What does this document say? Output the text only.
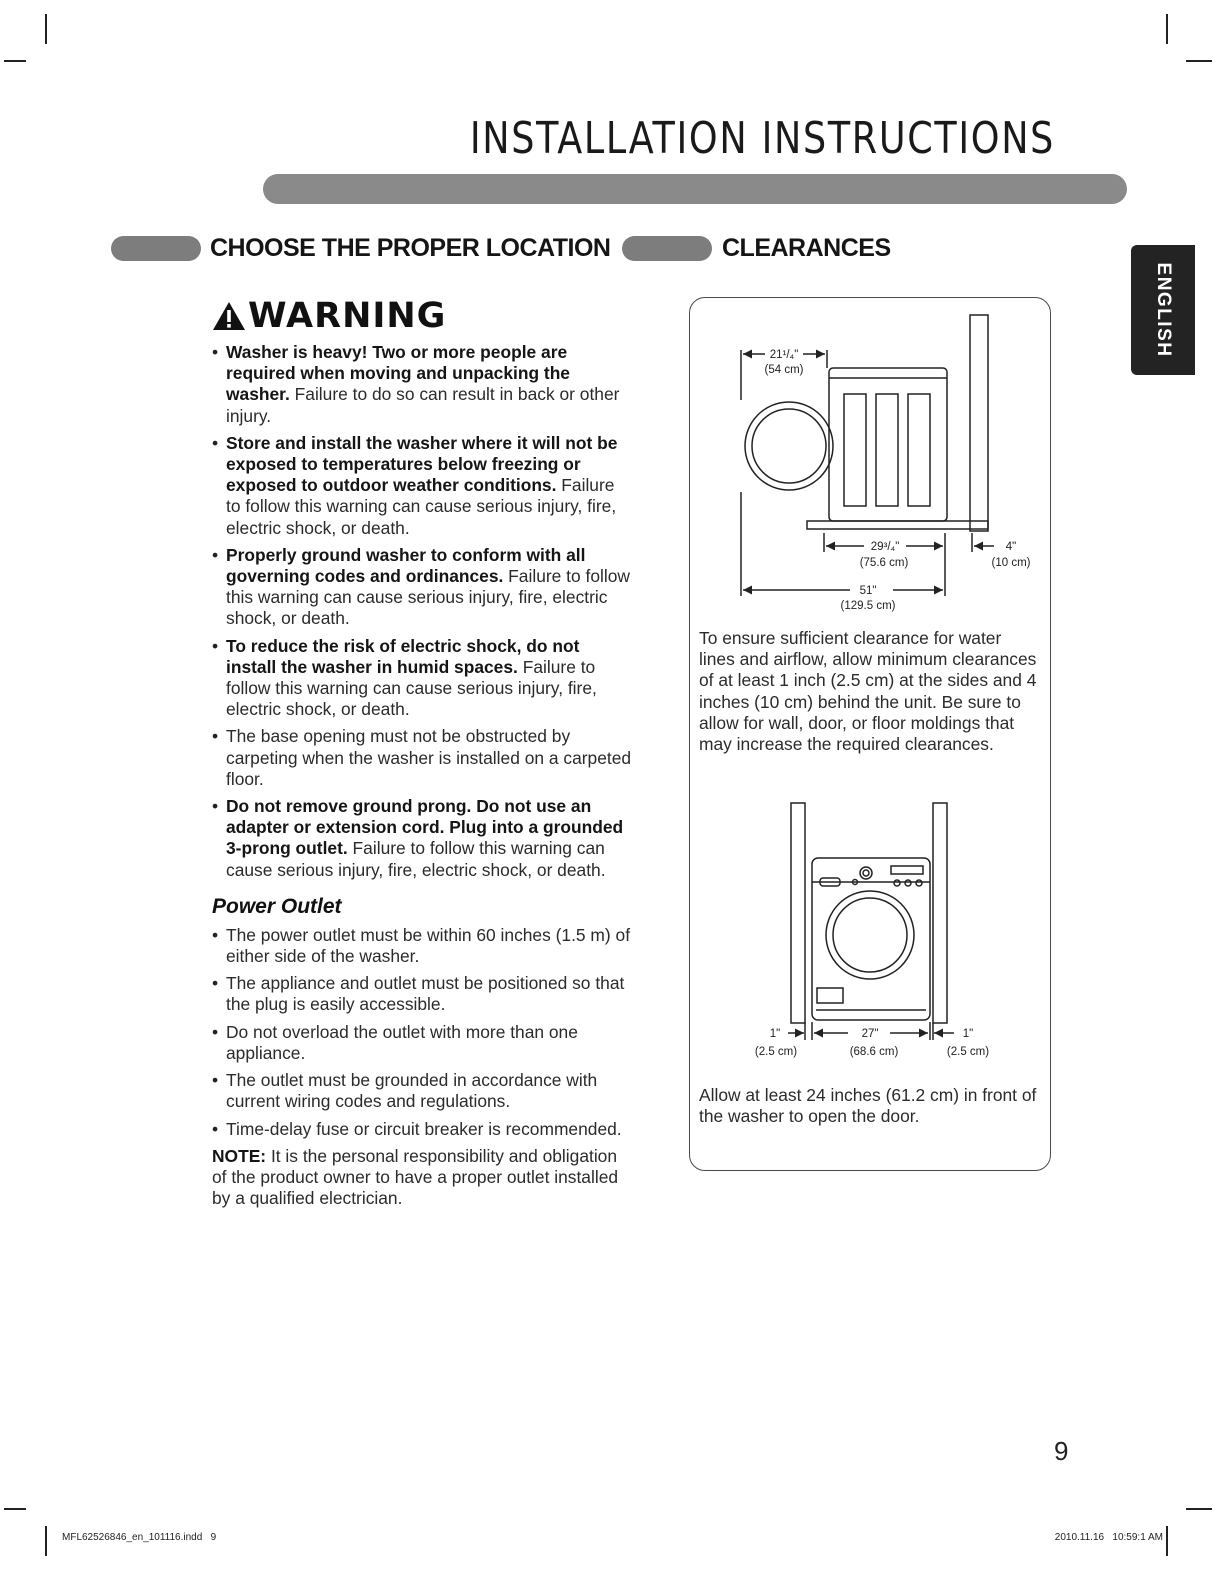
INSTALLATION INSTRUCTIONS
ENGLISH
CHOOSE THE PROPER LOCATION	CLEARANCES
WARNING
• Washer is heavy! Two or more people are required when moving and unpacking the washer. Failure to do so can result in back or other injury.
• Store and install the washer where it will not be exposed to temperatures below freezing or exposed to outdoor weather conditions. Failure to follow this warning can cause serious injury, fire, electric shock, or death.
• Properly ground washer to conform with all governing codes and ordinances. Failure to follow this warning can cause serious injury, fire, electric shock, or death.
• To reduce the risk of electric shock, do not install the washer in humid spaces. Failure to follow this warning can cause serious injury, fire, electric shock, or death.
• The base opening must not be obstructed by carpeting when the washer is installed on a carpeted floor.
• Do not remove ground prong. Do not use an adapter or extension cord. Plug into a grounded 3-prong outlet. Failure to follow this warning can cause serious injury, fire, electric shock, or death.
Power Outlet
• The power outlet must be within 60 inches (1.5 m) of either side of the washer.
• The appliance and outlet must be positioned so that the plug is easily accessible.
• Do not overload the outlet with more than one appliance.
• The outlet must be grounded in accordance with current wiring codes and regulations.
• Time-delay fuse or circuit breaker is recommended.

NOTE: It is the personal responsibility and obligation of the product owner to have a proper outlet installed by a qualified electrician.

21¹/₄"
(54 cm)
29³/₄"
(75.6 cm)
4"
(10 cm)
51"
(129.5 cm)

To ensure sufficient clearance for water lines and airflow, allow minimum clearances of at least 1 inch (2.5 cm) at the sides and 4 inches (10 cm) behind the unit. Be sure to allow for wall, door, or floor moldings that may increase the required clearances.

1"
(2.5 cm)
27"
(68.6 cm)
1"
(2.5 cm)

Allow at least 24 inches (61.2 cm) in front of the washer to open the door.

9
MFL62526846_en_101116.indd   9	2010.11.16   10:59:1 AM
